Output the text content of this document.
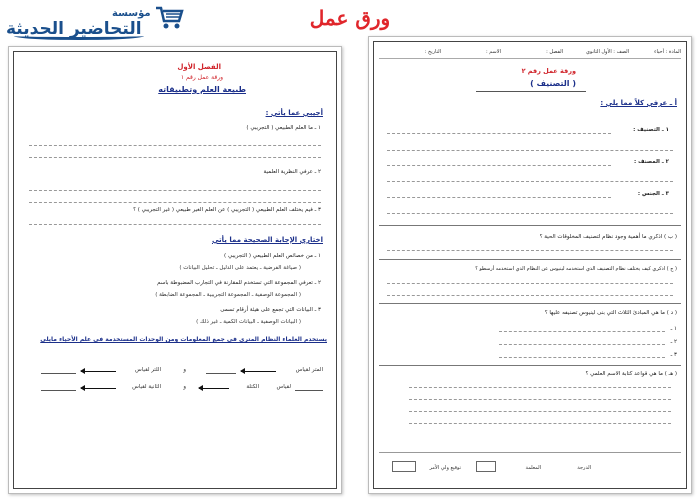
مؤسسة
التحاضير الحديثة	ورق عمل
الفصل الأول
ورقة عمل رقم ١
طبيعة العلم وتطبيقاته
أجيبي عما يأتي :
١ ـ ما العلم الطبيعي ( التجريبي )
٢ ـ عرفي النظرية العلمية
٣ ـ فيم يختلف العلم الطبيعي ( التجريبي ) عن العلم الغير طبيعي ( غير التجريبي ) ؟
اختاري الإجابة الصحيحة مما يأتي
١ ـ من خصائص العلم الطبيعي ( التجريبي )
( صياغة الفرضية ـ يعتمد على الدليل ـ تحليل البيانات )
٢ ـ تعرفي المجموعة التي تستخدم للمقارنة في التجارب المضبوطة باسم
( المجموعة الوصفية ـ المجموعة التجريبية ـ المجموعة الضابطة )
٣ ـ البيانات التي تجمع على هيئة أرقام تسمى
( البيانات الوصفية ـ البيانات الكمية ـ غير ذلك )
يستخدم العلماء النظام المتري في جمع المعلومات ومن الوحدات المستخدمة في علم الأحياء مايلي
المتر لقياس
و
اللتر لقياس
لقياس
الكتلة
و
الثانية لقياس
المادة : أحياء
الصف : الأول الثانوي
الفصل :
الاسم :
التاريخ :
ورقة عمل رقم ٢
( التصنيف )
أ ـ عرفي كلاً مما يلي :
١ ـ التصنيف :
٢ ـ المصنف :
٣ ـ الجنس :
( ب ) اذكري ما أهمية وجود نظام لتصنيف المخلوقات الحية ؟
( ج ) اذكري كيف يختلف نظام التصنيف الذي استخدمه لينيوس عن النظام الذي استخدمه أرسطو ؟
( د ) ما هي المبادئ الثلاث التي بنى لينيوس تصنيفه عليها ؟
١ ـ
٢ ـ
٣ ـ
( هـ ) ما هي قواعد كتابة الاسم العلمي ؟
الدرجة
المعلمة
توقيع ولي الأمر
